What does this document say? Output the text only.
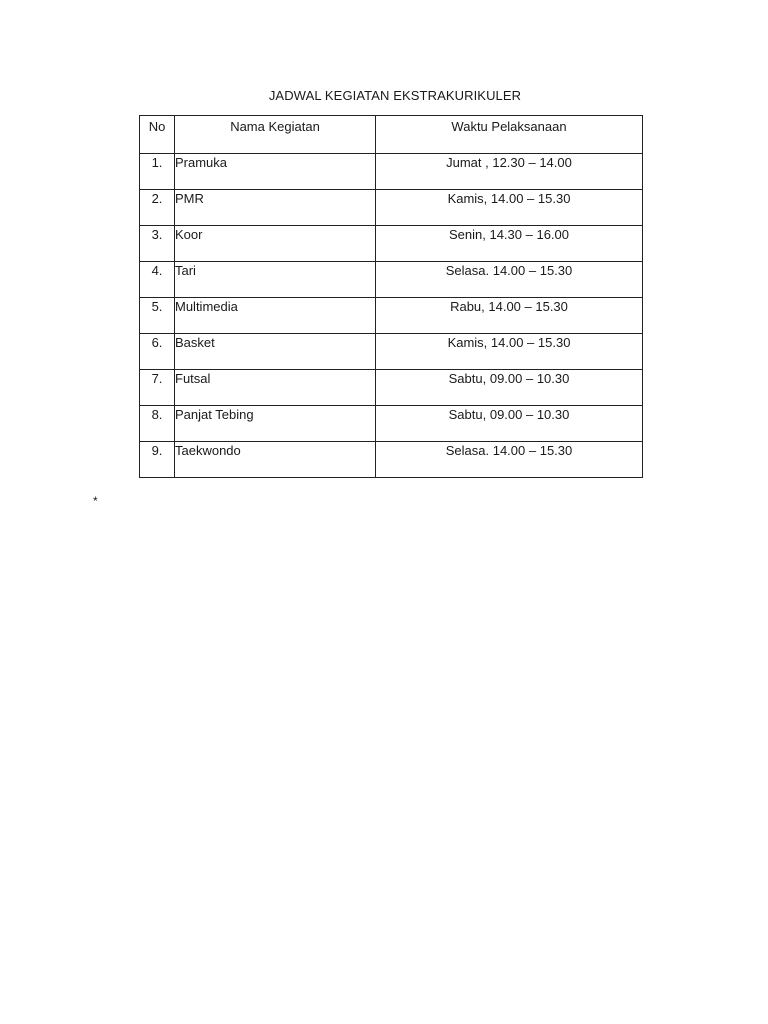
JADWAL KEGIATAN EKSTRAKURIKULER
No	Nama Kegiatan	Waktu Pelaksanaan
1.	Pramuka	Jumat , 12.30 – 14.00
2.	PMR	Kamis, 14.00 – 15.30
3.	Koor	Senin, 14.30 – 16.00
4.	Tari	Selasa. 14.00 – 15.30
5.	Multimedia	Rabu, 14.00 – 15.30
6.	Basket	Kamis, 14.00 – 15.30
7.	Futsal	Sabtu, 09.00 – 10.30
8.	Panjat Tebing	Sabtu, 09.00 – 10.30
9.	Taekwondo	Selasa. 14.00 – 15.30
*
